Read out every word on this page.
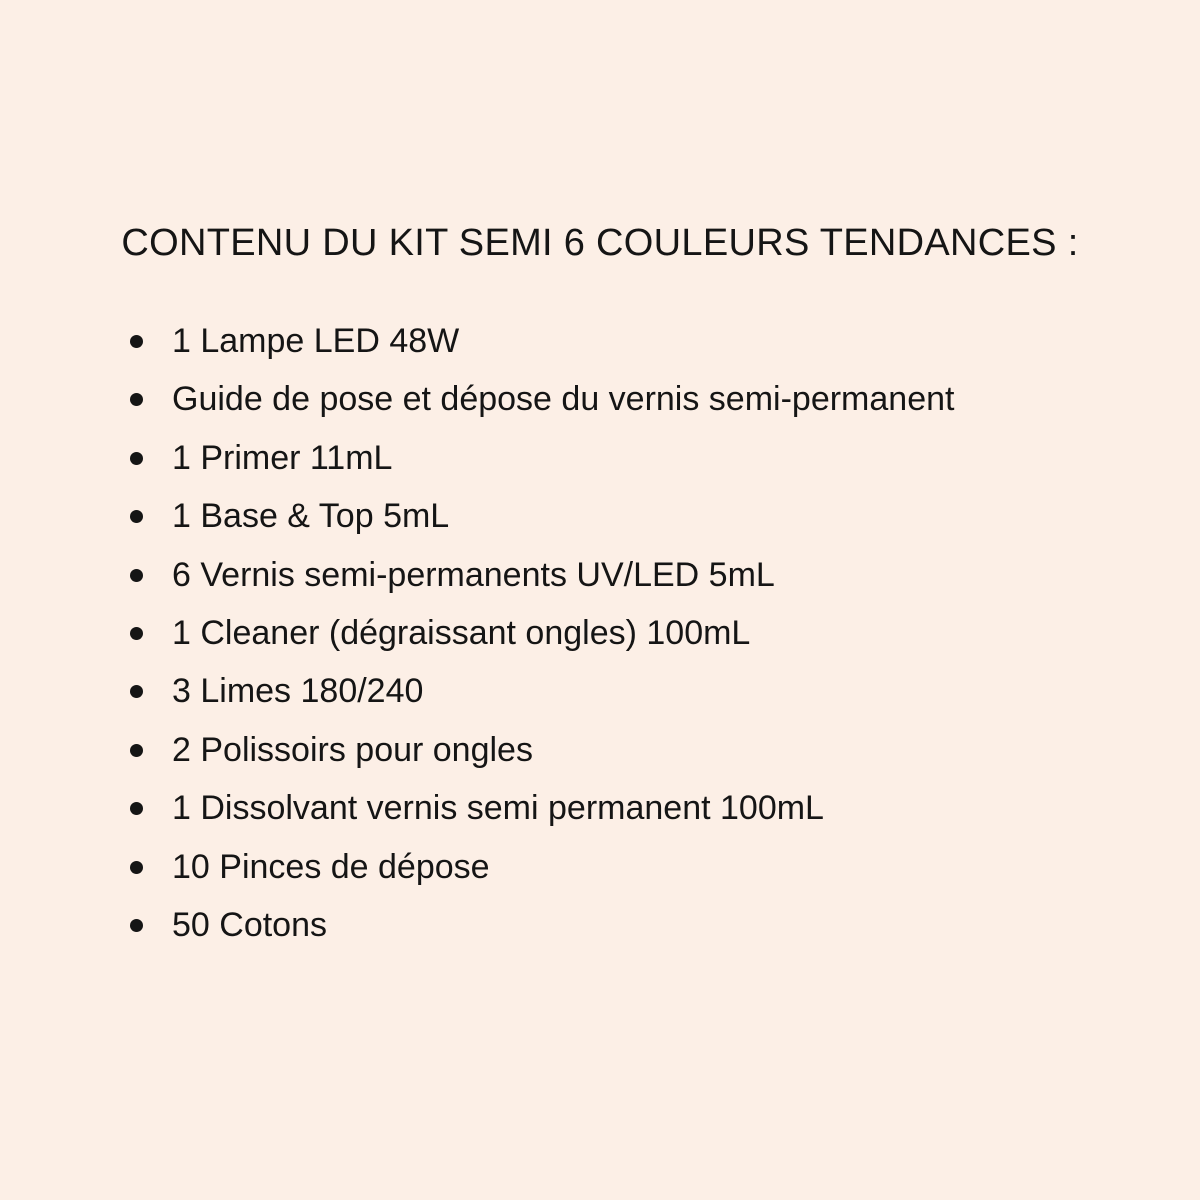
CONTENU DU KIT SEMI 6 COULEURS TENDANCES :
1 Lampe LED 48W
Guide de pose et dépose du vernis semi-permanent
1 Primer 11mL
1 Base & Top 5mL
6 Vernis semi-permanents UV/LED 5mL
1 Cleaner (dégraissant ongles) 100mL
3 Limes 180/240
2 Polissoirs pour ongles
1 Dissolvant vernis semi permanent 100mL
10 Pinces de dépose
50 Cotons
